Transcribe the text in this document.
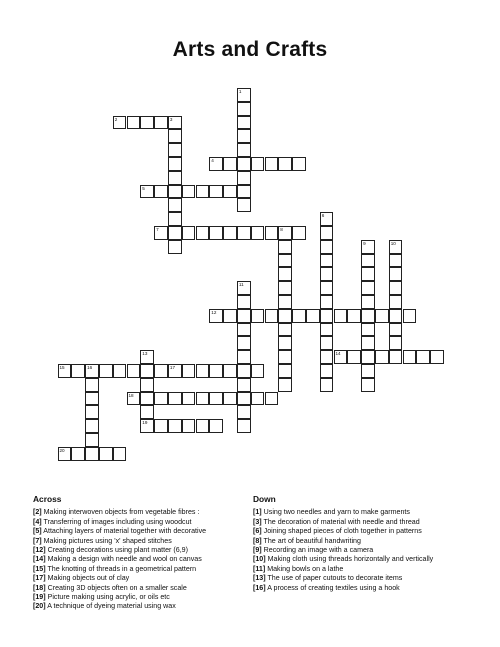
Arts and Crafts
2	3
4
5
7	8
12
14
15	16	17
18
19
20
1
6
9	10
11
13
Across
[2] Making interwoven objects from vegetable fibres :
[4] Transferring of images including using woodcut
[5] Attaching layers of material together with decorative
[7] Making pictures using 'x' shaped stitches
[12] Creating decorations using plant matter (6,9)
[14] Making a design with needle and wool on canvas
[15] The knotting of threads in a geometrical pattern
[17] Making objects out of clay
[18] Creating 3D objects often on a smaller scale
[19] Picture making using acrylic, or oils etc
[20] A technique of dyeing material using wax
Down
[1] Using two needles and yarn to make garments
[3] The decoration of material with needle and thread
[6] Joining shaped pieces of cloth together in patterns
[8] The art of beautiful handwriting
[9] Recording an image with a camera
[10] Making cloth using threads horizontally and vertically
[11] Making bowls on a lathe
[13] The use of paper cutouts to decorate items
[16] A process of creating textiles using a hook
